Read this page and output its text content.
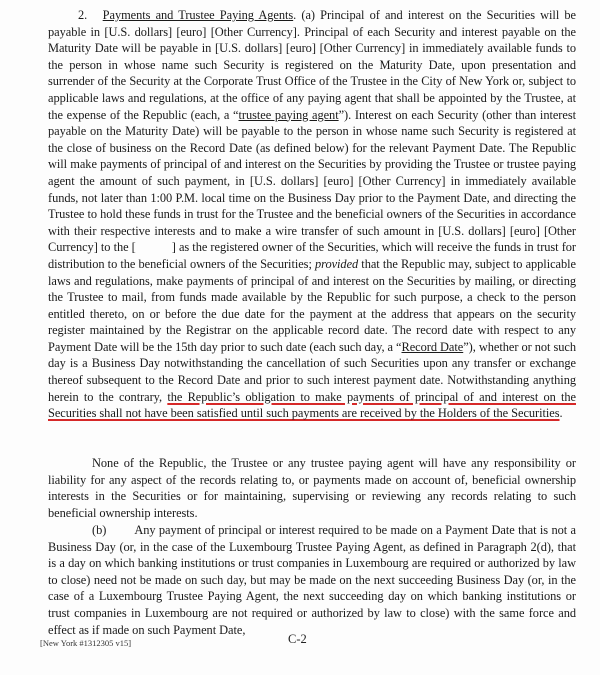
2. Payments and Trustee Paying Agents. (a) Principal of and interest on the Securities will be payable in [U.S. dollars] [euro] [Other Currency]. Principal of each Security and interest payable on the Maturity Date will be payable in [U.S. dollars] [euro] [Other Currency] in immediately available funds to the person in whose name such Security is registered on the Maturity Date, upon presentation and surrender of the Security at the Corporate Trust Office of the Trustee in the City of New York or, subject to applicable laws and regulations, at the office of any paying agent that shall be appointed by the Trustee, at the expense of the Republic (each, a “trustee paying agent”). Interest on each Security (other than interest payable on the Maturity Date) will be payable to the person in whose name such Security is registered at the close of business on the Record Date (as defined below) for the relevant Payment Date. The Republic will make payments of principal of and interest on the Securities by providing the Trustee or trustee paying agent the amount of such payment, in [U.S. dollars] [euro] [Other Currency] in immediately available funds, not later than 1:00 P.M. local time on the Business Day prior to the Payment Date, and directing the Trustee to hold these funds in trust for the Trustee and the beneficial owners of the Securities in accordance with their respective interests and to make a wire transfer of such amount in [U.S. dollars] [euro] [Other Currency] to the [	] as the registered owner of the Securities, which will receive the funds in trust for distribution to the beneficial owners of the Securities; provided that the Republic may, subject to applicable laws and regulations, make payments of principal of and interest on the Securities by mailing, or directing the Trustee to mail, from funds made available by the Republic for such purpose, a check to the person entitled thereto, on or before the due date for the payment at the address that appears on the security register maintained by the Registrar on the applicable record date. The record date with respect to any Payment Date will be the 15th day prior to such date (each such day, a “Record Date”), whether or not such day is a Business Day notwithstanding the cancellation of such Securities upon any transfer or exchange thereof subsequent to the Record Date and prior to such interest payment date. Notwithstanding anything herein to the contrary, the Republic’s obligation to make payments of principal of and interest on the Securities shall not have been satisfied until such payments are received by the Holders of the Securities.
None of the Republic, the Trustee or any trustee paying agent will have any responsibility or liability for any aspect of the records relating to, or payments made on account of, beneficial ownership interests in the Securities or for maintaining, supervising or reviewing any records relating to such beneficial ownership interests.
(b) Any payment of principal or interest required to be made on a Payment Date that is not a Business Day (or, in the case of the Luxembourg Trustee Paying Agent, as defined in Paragraph 2(d), that is a day on which banking institutions or trust companies in Luxembourg are required or authorized by law to close) need not be made on such day, but may be made on the next succeeding Business Day (or, in the case of a Luxembourg Trustee Paying Agent, the next succeeding day on which banking institutions or trust companies in Luxembourg are not required or authorized by law to close) with the same force and effect as if made on such Payment Date,
[New York #1312305 v15]	C-2
